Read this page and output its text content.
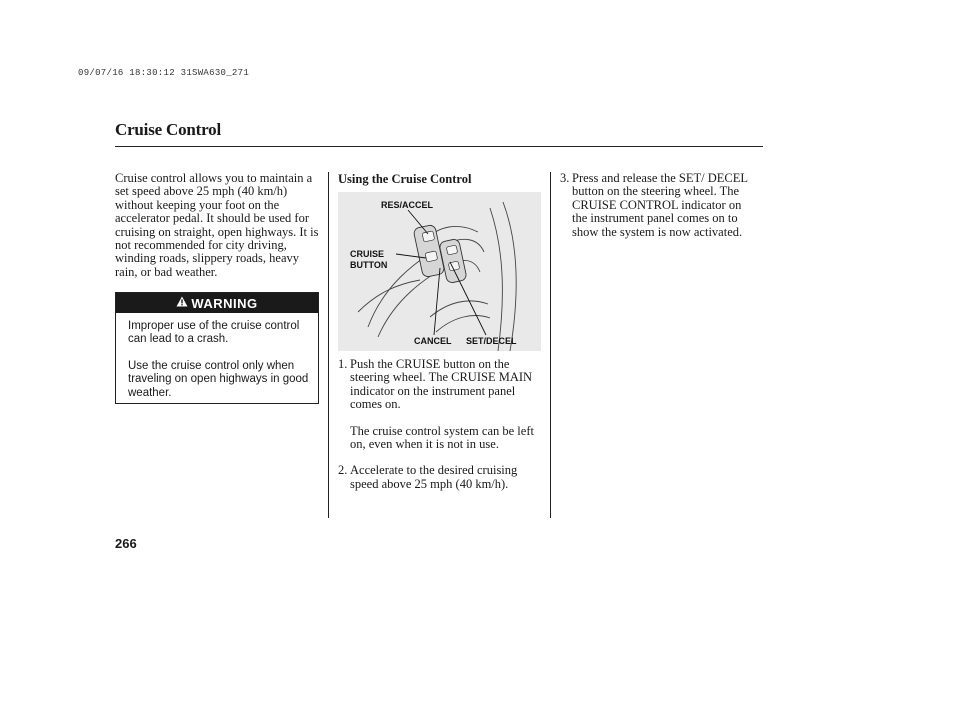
09/07/16 18:30:12 31SWA630_271
Cruise Control

Cruise control allows you to maintain a set speed above 25 mph (40 km/h) without keeping your foot on the accelerator pedal. It should be used for cruising on straight, open highways. It is not recommended for city driving, winding roads, slippery roads, heavy rain, or bad weather.

WARNING

Improper use of the cruise control can lead to a crash.

Use the cruise control only when traveling on open highways in good weather.

Using the Cruise Control
RES/ACCEL
CRUISE
BUTTON
CANCEL SET/DECEL
1. Push the CRUISE button on the steering wheel. The CRUISE MAIN indicator on the instrument panel comes on.

The cruise control system can be left on, even when it is not in use.

2. Accelerate to the desired cruising speed above 25 mph (40 km/h).
3. Press and release the SET/ DECEL button on the steering wheel. The CRUISE CONTROL indicator on the instrument panel comes on to show the system is now activated.
266
